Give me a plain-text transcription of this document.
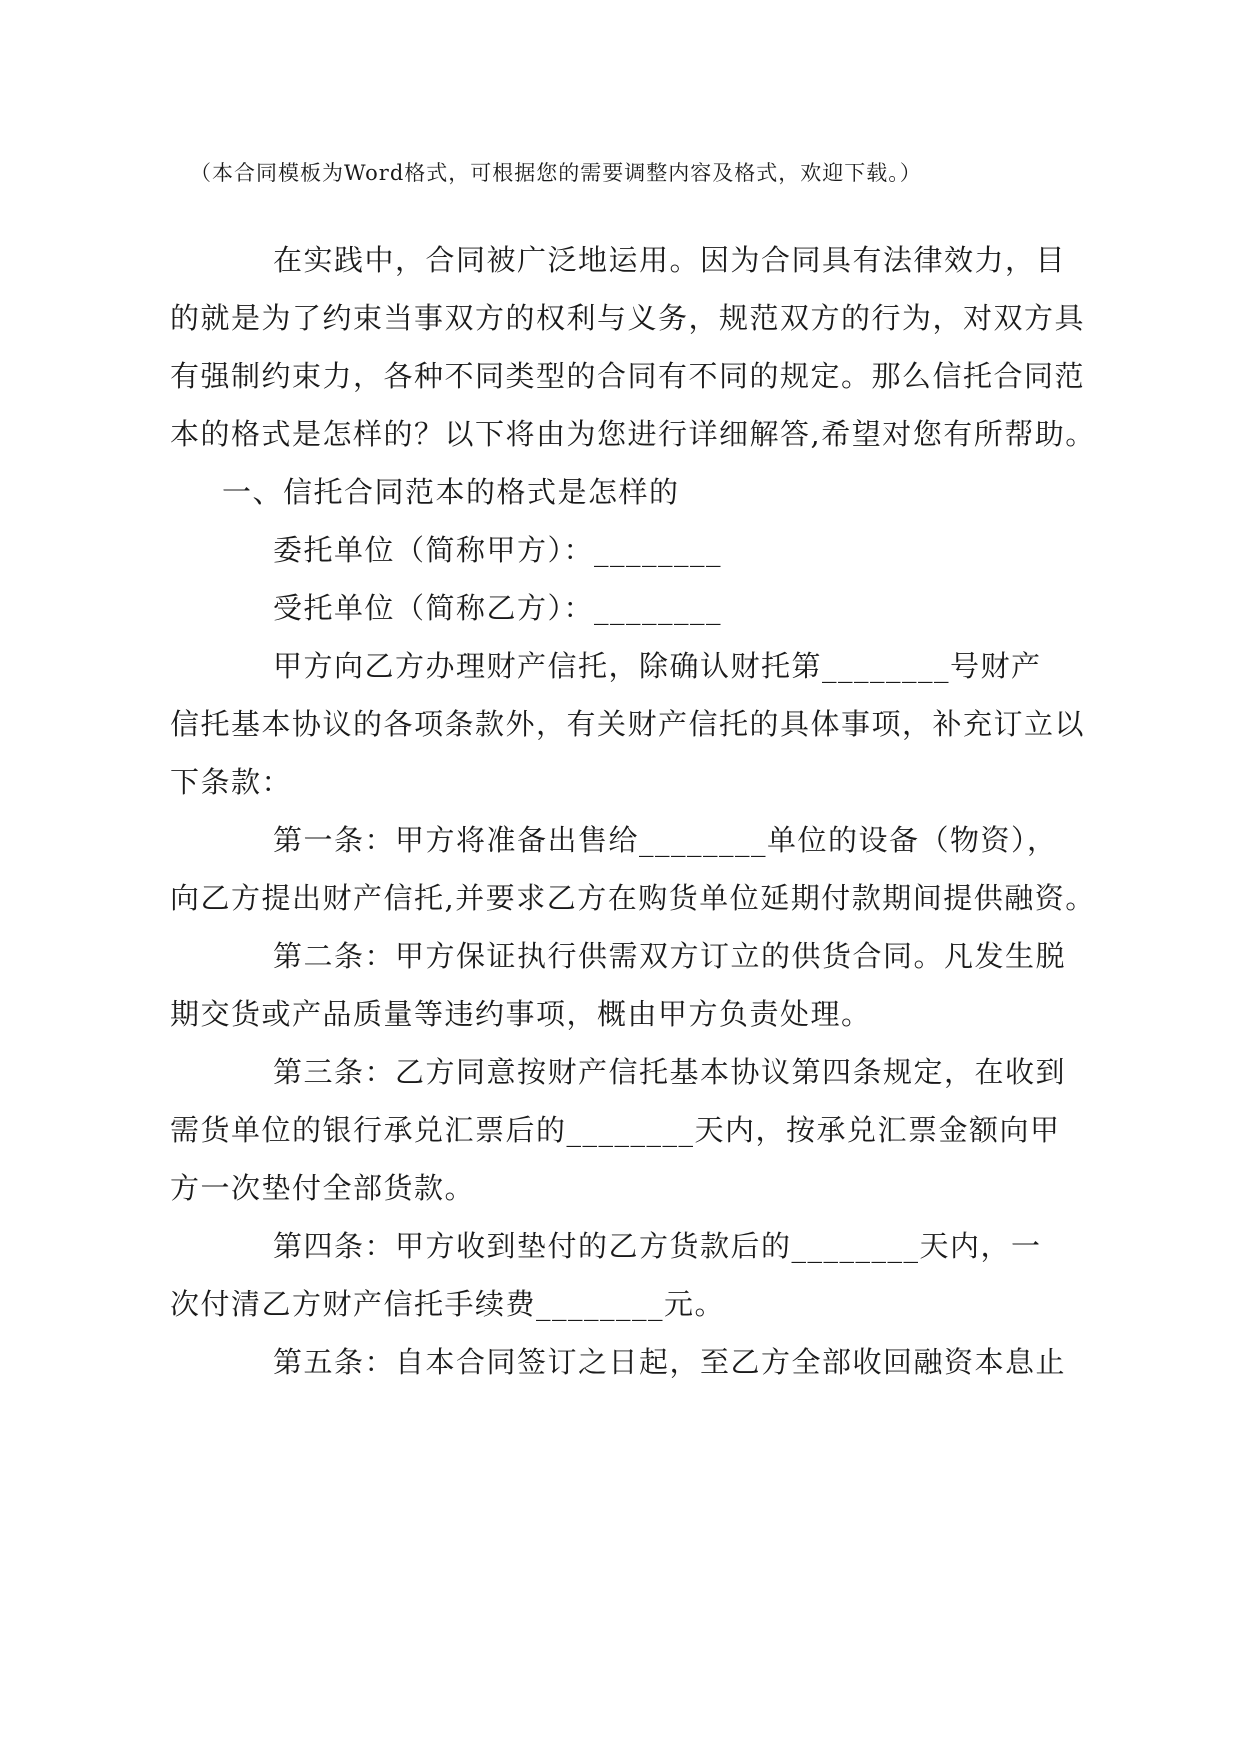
（本合同模板为Word格式，可根据您的需要调整内容及格式，欢迎下载。）
在实践中，合同被广泛地运用。因为合同具有法律效力，目
的就是为了约束当事双方的权利与义务，规范双方的行为，对双方具
有强制约束力，各种不同类型的合同有不同的规定。那么信托合同范
本的格式是怎样的？以下将由为您进行详细解答,希望对您有所帮助。
一、信托合同范本的格式是怎样的
委托单位（简称甲方）：________
受托单位（简称乙方）：________
甲方向乙方办理财产信托，除确认财托第________号财产
信托基本协议的各项条款外，有关财产信托的具体事项，补充订立以
下条款：
第一条：甲方将准备出售给________单位的设备（物资），
向乙方提出财产信托,并要求乙方在购货单位延期付款期间提供融资。
第二条：甲方保证执行供需双方订立的供货合同。凡发生脱
期交货或产品质量等违约事项，概由甲方负责处理。
第三条：乙方同意按财产信托基本协议第四条规定，在收到
需货单位的银行承兑汇票后的________天内，按承兑汇票金额向甲
方一次垫付全部货款。
第四条：甲方收到垫付的乙方货款后的________天内，一
次付清乙方财产信托手续费________元。
第五条：自本合同签订之日起，至乙方全部收回融资本息止
